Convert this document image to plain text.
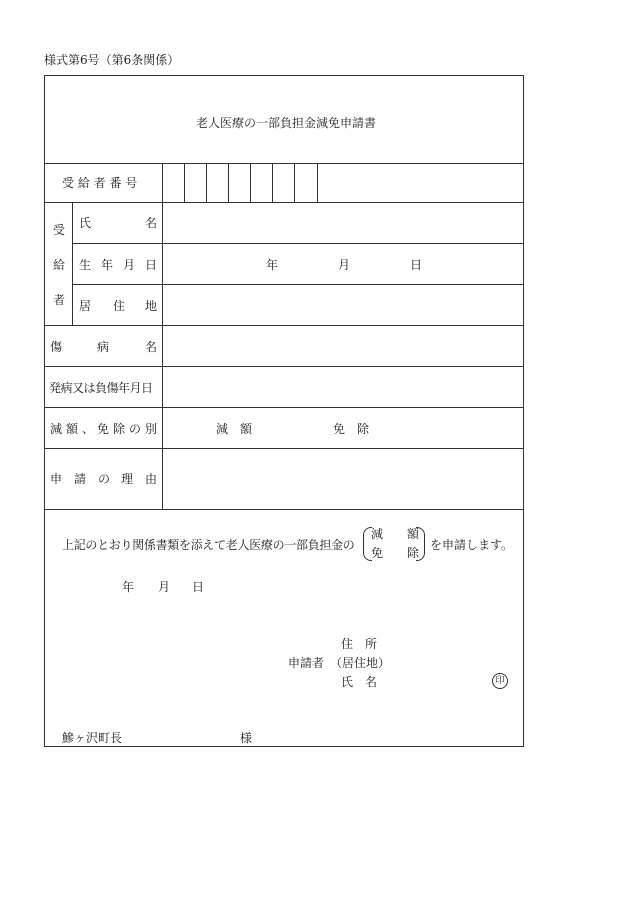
様式第6号（第6条関係）
老人医療の一部負担金減免申請書
受 給 者 番 号
受
給
者
氏	名
生 年 月 日	年	月	日
居 住 地
傷	病	名
発病又は負傷年月日
減 額 、 免 除 の 別	減　額	免　除
申 請 の 理 由
上記のとおり関係書類を添えて老人医療の一部負担金の
減　　額
免　　除
を申請します。
年 月 日
住　所
申請者 （居住地）
氏　名	印
鰺ヶ沢町長	様
